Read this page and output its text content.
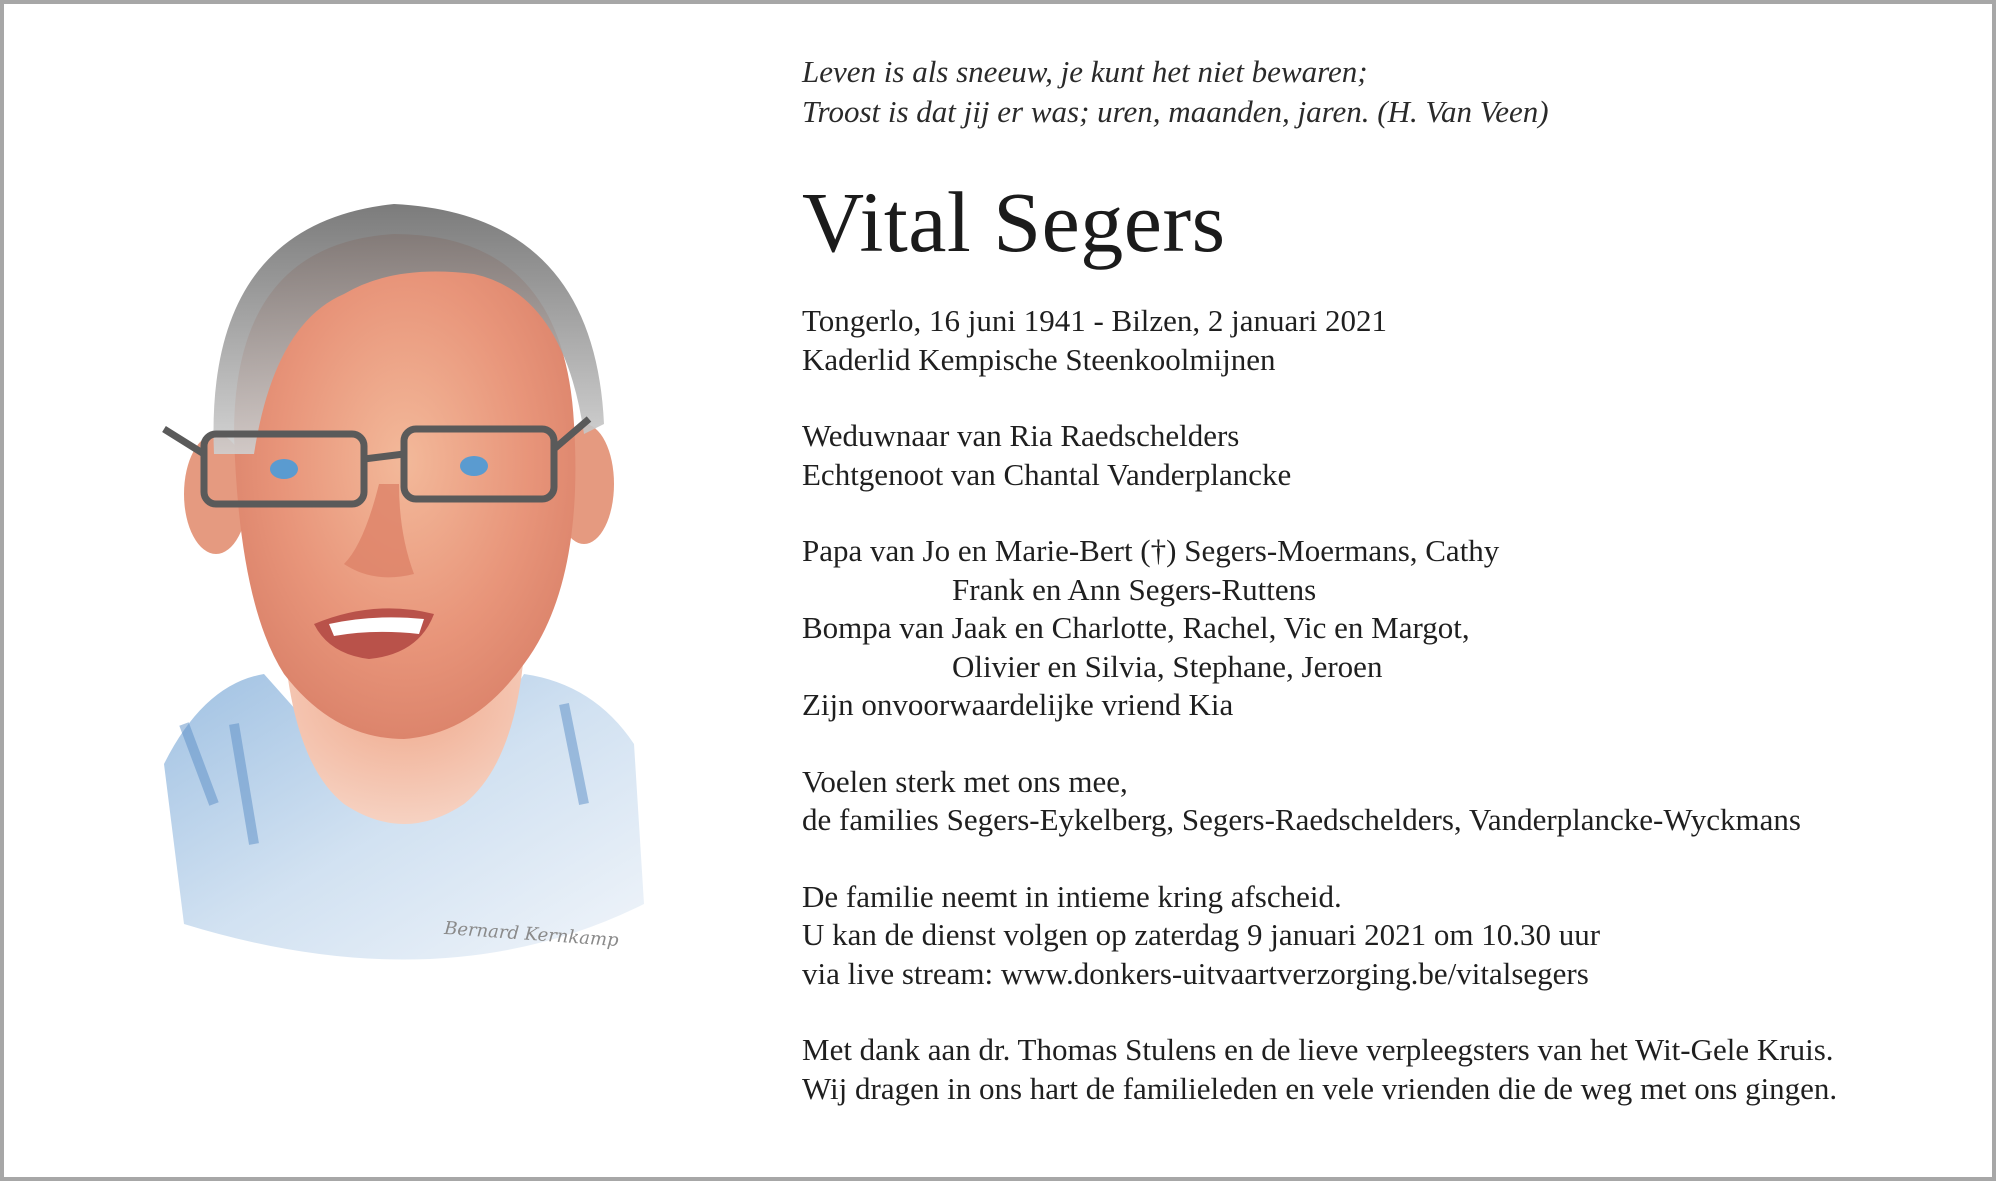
Bernard Kernkamp

Leven is als sneeuw, je kunt het niet bewaren;
Troost is dat jij er was; uren, maanden, jaren. (H. Van Veen)

Vital Segers

Tongerlo, 16 juni 1941 - Bilzen, 2 januari 2021
Kaderlid Kempische Steenkoolmijnen

Weduwnaar van Ria Raedschelders
Echtgenoot van Chantal Vanderplancke

Papa van Jo en Marie-Bert (†) Segers-Moermans, Cathy
Frank en Ann Segers-Ruttens
Bompa van Jaak en Charlotte, Rachel, Vic en Margot,
Olivier en Silvia, Stephane, Jeroen
Zijn onvoorwaardelijke vriend Kia

Voelen sterk met ons mee,
de families Segers-Eykelberg, Segers-Raedschelders, Vanderplancke-Wyckmans

De familie neemt in intieme kring afscheid.
U kan de dienst volgen op zaterdag 9 januari 2021 om 10.30 uur
via live stream: www.donkers-uitvaartverzorging.be/vitalsegers

Met dank aan dr. Thomas Stulens en de lieve verpleegsters van het Wit-Gele Kruis.
Wij dragen in ons hart de familieleden en vele vrienden die de weg met ons gingen.
